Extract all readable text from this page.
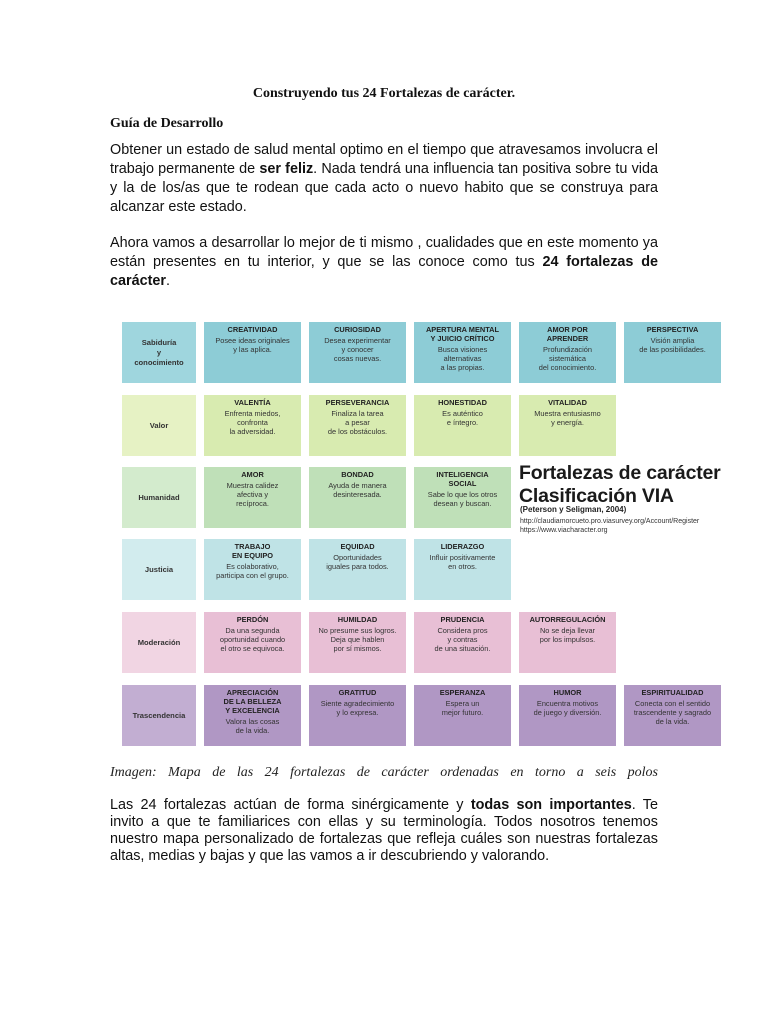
Construyendo tus 24 Fortalezas de carácter.
Guía de Desarrollo

Obtener un estado de salud mental optimo en el tiempo que atravesamos involucra el trabajo permanente de ser feliz. Nada tendrá una influencia tan positiva sobre tu vida y la de los/as que te rodean que cada acto o nuevo habito que se construya para alcanzar este estado.

Ahora vamos a desarrollar lo mejor de ti mismo , cualidades que en este momento ya están presentes en tu interior, y que se las conoce como tus 24 fortalezas de carácter.

Sabiduría
y
conocimiento
CREATIVIDAD
Posee ideas originales
y las aplica.
CURIOSIDAD
Desea experimentar
y conocer
cosas nuevas.
APERTURA MENTAL
Y JUICIO CRÍTICO
Busca visiones
alternativas
a las propias.
AMOR POR
APRENDER
Profundización
sistemática
del conocimiento.
PERSPECTIVA
Visión amplia
de las posibilidades.
Valor
VALENTÍA
Enfrenta miedos,
confronta
la adversidad.
PERSEVERANCIA
Finaliza la tarea
a pesar
de los obstáculos.
HONESTIDAD
Es auténtico
e íntegro.
VITALIDAD
Muestra entusiasmo
y energía.
Humanidad
AMOR
Muestra calidez
afectiva y
recíproca.
BONDAD
Ayuda de manera
desinteresada.
INTELIGENCIA
SOCIAL
Sabe lo que los otros
desean y buscan.
Justicia
TRABAJO
EN EQUIPO
Es colaborativo,
participa con el grupo.
EQUIDAD
Oportunidades
iguales para todos.
LIDERAZGO
Influir positivamente
en otros.
Moderación
PERDÓN
Da una segunda
oportunidad cuando
el otro se equivoca.
HUMILDAD
No presume sus logros.
Deja que hablen
por sí mismos.
PRUDENCIA
Considera pros
y contras
de una situación.
AUTORREGULACIÓN
No se deja llevar
por los impulsos.
Trascendencia
APRECIACIÓN
DE LA BELLEZA
Y EXCELENCIA
Valora las cosas
de la vida.
GRATITUD
Siente agradecimiento
y lo expresa.
ESPERANZA
Espera un
mejor futuro.
HUMOR
Encuentra motivos
de juego y diversión.
ESPIRITUALIDAD
Conecta con el sentido
trascendente y sagrado
de la vida.
Fortalezas de carácter
Clasificación VIA
(Peterson y Seligman, 2004)
http://claudiamorcueto.pro.viasurvey.org/Account/Register
https://www.viacharacter.org
Imagen: Mapa de las 24 fortalezas de carácter ordenadas en torno a seis polos

Las 24 fortalezas actúan de forma sinérgicamente y todas son importantes. Te invito a que te familiarices con ellas y su terminología. Todos nosotros tenemos nuestro mapa personalizado de fortalezas que refleja cuáles son nuestras fortalezas altas, medias y bajas y que las vamos a ir descubriendo y valorando.
